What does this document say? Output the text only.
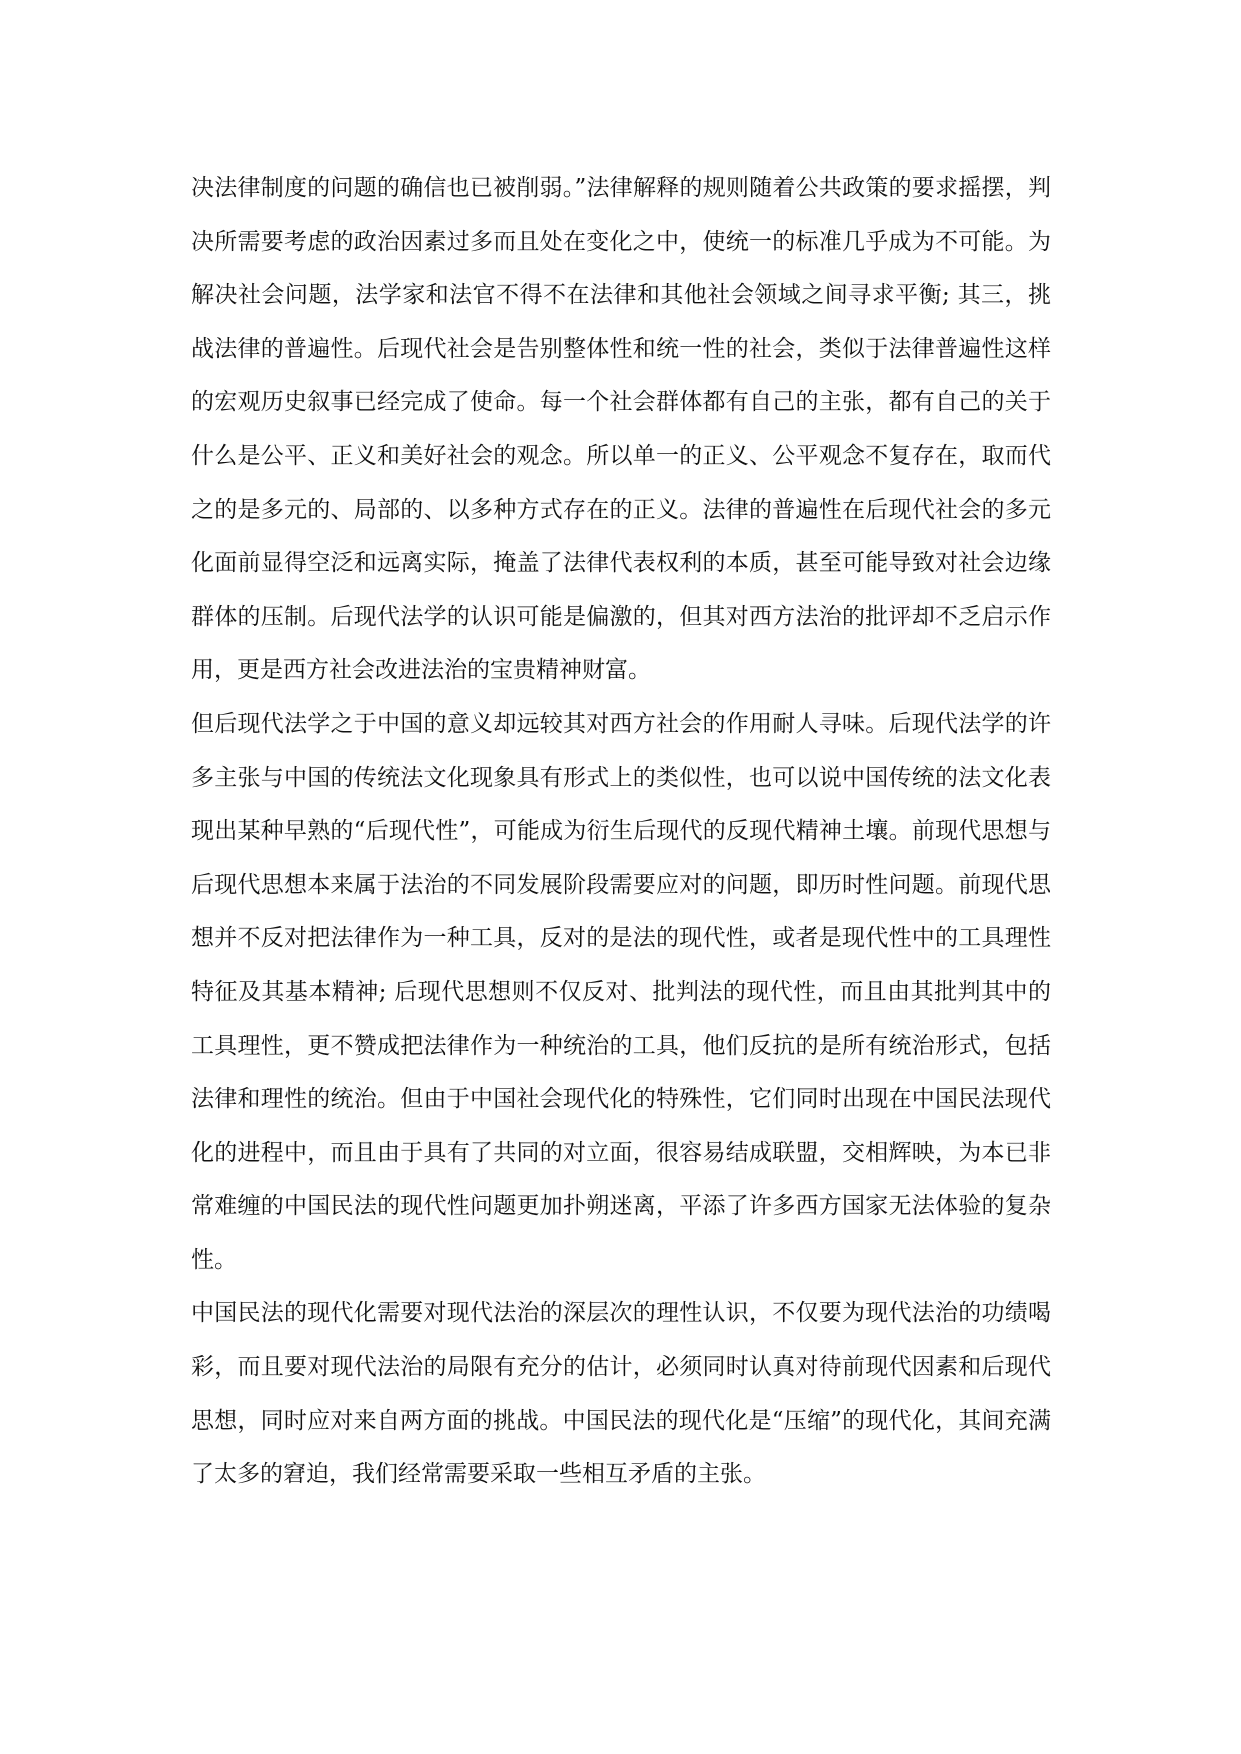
决法律制度的问题的确信也已被削弱。”法律解释的规则随着公共政策的要求摇摆，判决所需要考虑的政治因素过多而且处在变化之中，使统一的标准几乎成为不可能。为解决社会问题，法学家和法官不得不在法律和其他社会领域之间寻求平衡; 其三，挑战法律的普遍性。后现代社会是告别整体性和统一性的社会，类似于法律普遍性这样的宏观历史叙事已经完成了使命。每一个社会群体都有自己的主张，都有自己的关于什么是公平、正义和美好社会的观念。所以单一的正义、公平观念不复存在，取而代之的是多元的、局部的、以多种方式存在的正义。法律的普遍性在后现代社会的多元化面前显得空泛和远离实际，掩盖了法律代表权利的本质，甚至可能导致对社会边缘群体的压制。后现代法学的认识可能是偏激的，但其对西方法治的批评却不乏启示作用，更是西方社会改进法治的宝贵精神财富。

但后现代法学之于中国的意义却远较其对西方社会的作用耐人寻味。后现代法学的许多主张与中国的传统法文化现象具有形式上的类似性，也可以说中国传统的法文化表现出某种早熟的“后现代性”，可能成为衍生后现代的反现代精神土壤。前现代思想与后现代思想本来属于法治的不同发展阶段需要应对的问题，即历时性问题。前现代思想并不反对把法律作为一种工具，反对的是法的现代性，或者是现代性中的工具理性特征及其基本精神; 后现代思想则不仅反对、批判法的现代性，而且由其批判其中的工具理性，更不赞成把法律作为一种统治的工具，他们反抗的是所有统治形式，包括法律和理性的统治。但由于中国社会现代化的特殊性，它们同时出现在中国民法现代化的进程中，而且由于具有了共同的对立面，很容易结成联盟，交相辉映，为本已非常难缠的中国民法的现代性问题更加扑朔迷离，平添了许多西方国家无法体验的复杂性。

中国民法的现代化需要对现代法治的深层次的理性认识，不仅要为现代法治的功绩喝彩，而且要对现代法治的局限有充分的估计，必须同时认真对待前现代因素和后现代思想，同时应对来自两方面的挑战。中国民法的现代化是“压缩”的现代化，其间充满了太多的窘迫，我们经常需要采取一些相互矛盾的主张。
